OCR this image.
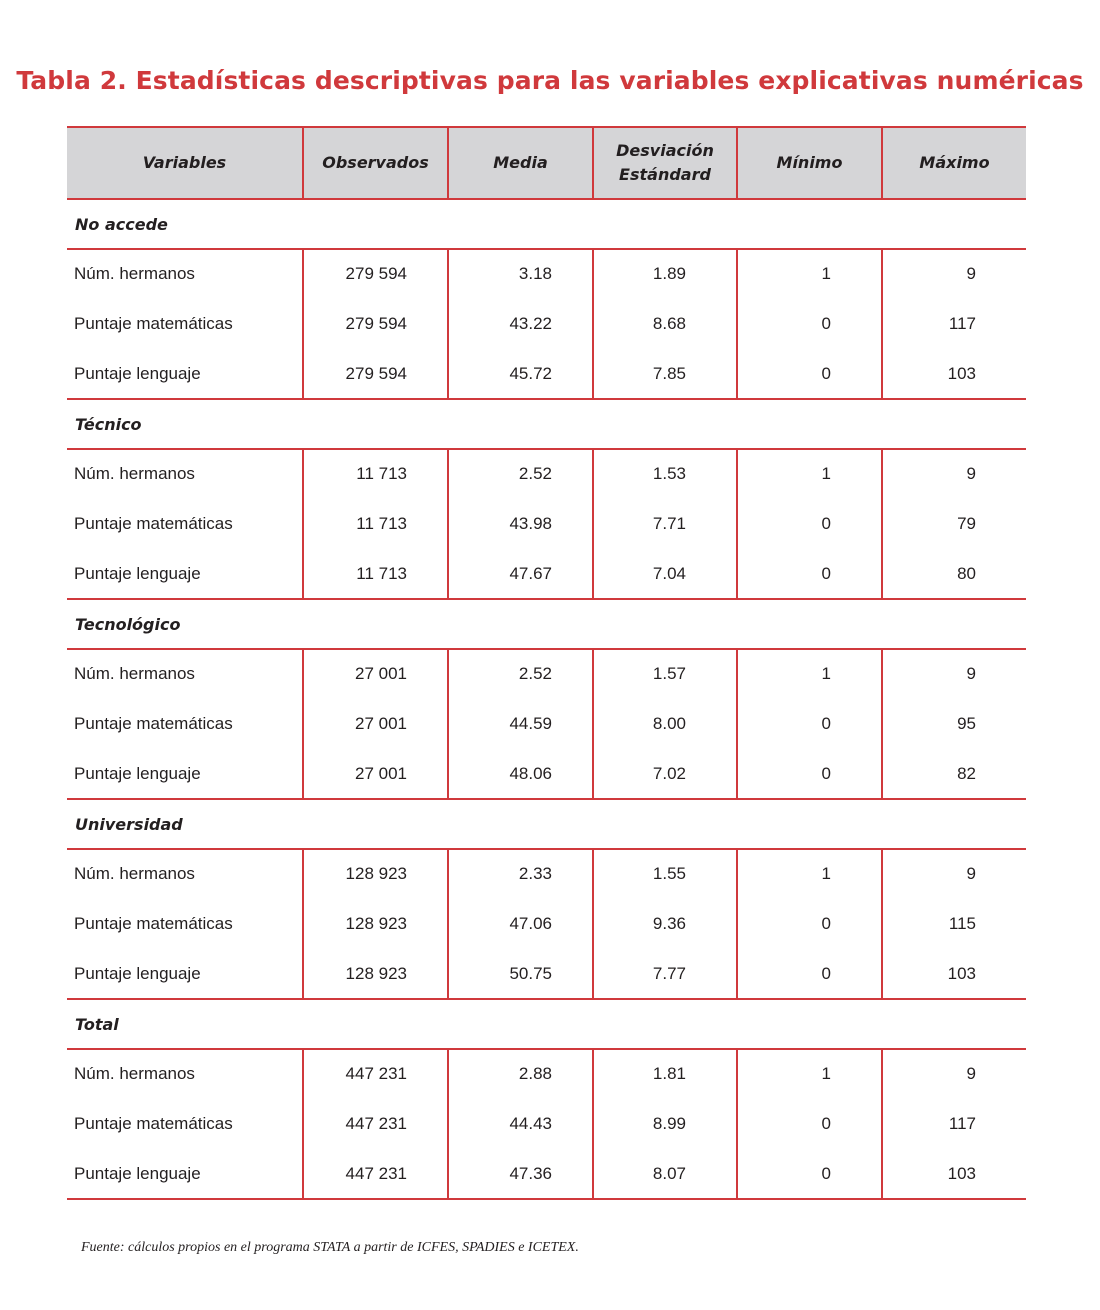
Tabla 2. Estadísticas descriptivas para las variables explicativas numéricas
Variables	Observados	Media	Desviación Estándard	Mínimo	Máximo
No accede					
Núm. hermanos	279 594	3.18	1.89	1	9
Puntaje matemáticas	279 594	43.22	8.68	0	117
Puntaje lenguaje	279 594	45.72	7.85	0	103
Técnico					
Núm. hermanos	11 713	2.52	1.53	1	9
Puntaje matemáticas	11 713	43.98	7.71	0	79
Puntaje lenguaje	11 713	47.67	7.04	0	80
Tecnológico					
Núm. hermanos	27 001	2.52	1.57	1	9
Puntaje matemáticas	27 001	44.59	8.00	0	95
Puntaje lenguaje	27 001	48.06	7.02	0	82
Universidad					
Núm. hermanos	128 923	2.33	1.55	1	9
Puntaje matemáticas	128 923	47.06	9.36	0	115
Puntaje lenguaje	128 923	50.75	7.77	0	103
Total					
Núm. hermanos	447 231	2.88	1.81	1	9
Puntaje matemáticas	447 231	44.43	8.99	0	117
Puntaje lenguaje	447 231	47.36	8.07	0	103
Fuente: cálculos propios en el programa STATA a partir de ICFES, SPADIES e ICETEX.
